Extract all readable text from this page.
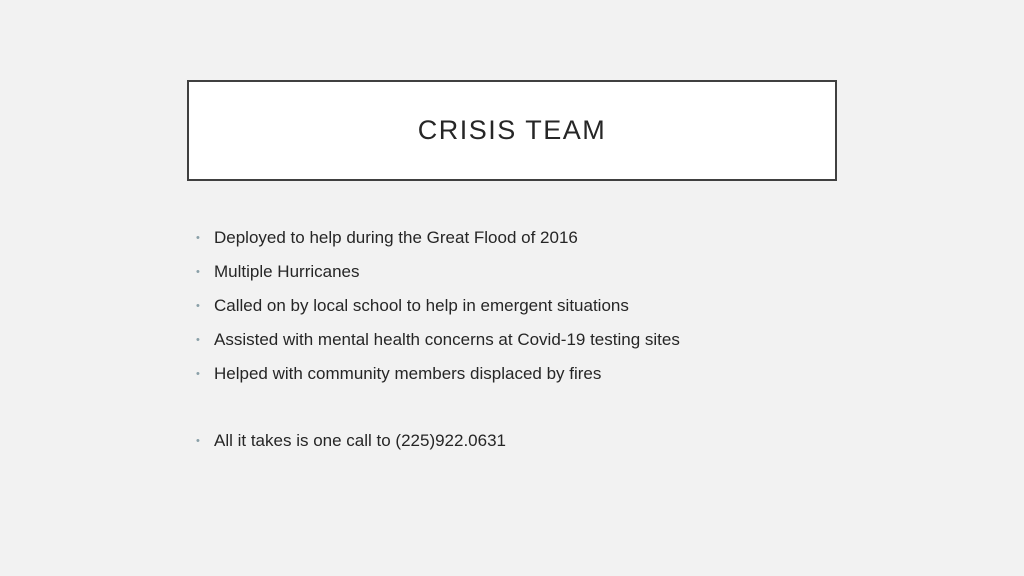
CRISIS TEAM
• Deployed to help during the Great Flood of 2016
• Multiple Hurricanes
• Called on by local school to help in emergent situations
• Assisted with mental health concerns at Covid-19 testing sites
• Helped with community members displaced by fires
• All it takes is one call to (225)922.0631
